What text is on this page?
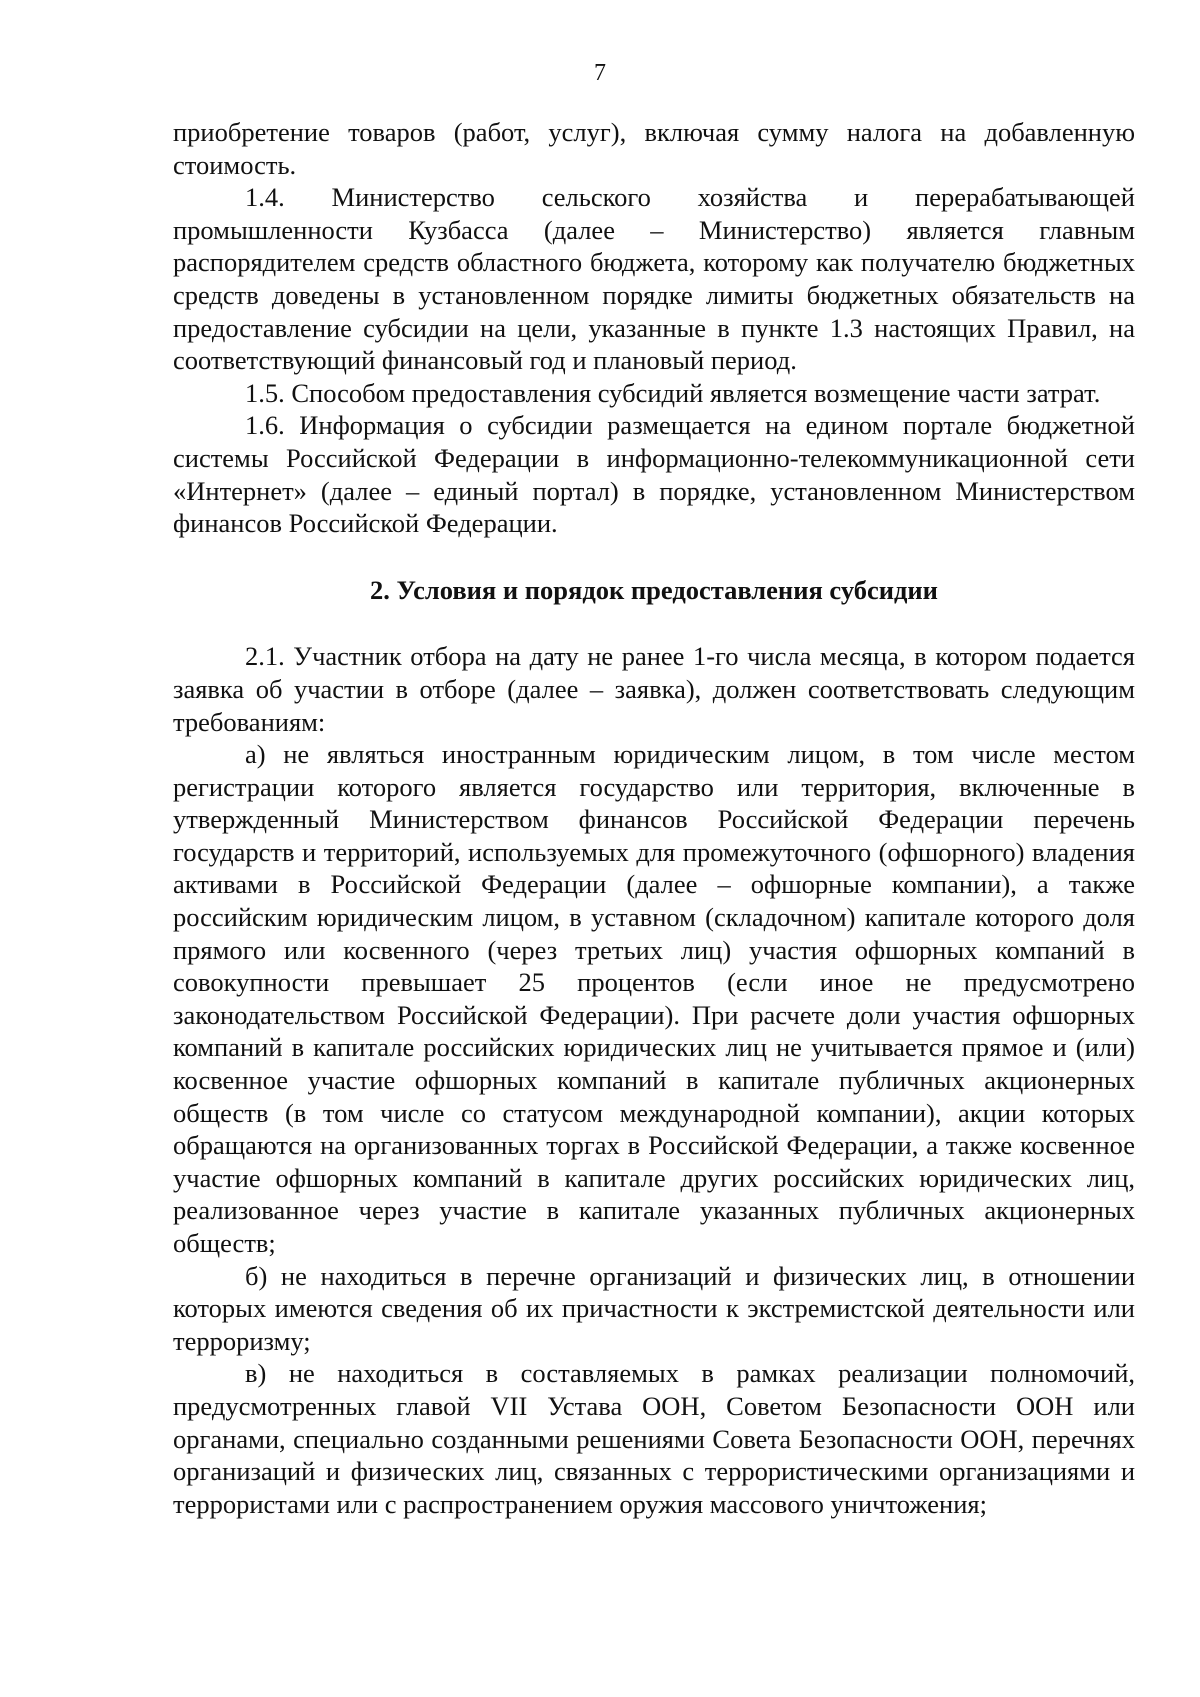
7

приобретение товаров (работ, услуг), включая сумму налога на добавленную стоимость.

1.4. Министерство сельского хозяйства и перерабатывающей промышленности Кузбасса (далее – Министерство) является главным распорядителем средств областного бюджета, которому как получателю бюджетных средств доведены в установленном порядке лимиты бюджетных обязательств на предоставление субсидии на цели, указанные в пункте 1.3 настоящих Правил, на соответствующий финансовый год и плановый период.

1.5. Способом предоставления субсидий является возмещение части затрат.

1.6. Информация о субсидии размещается на едином портале бюджетной системы Российской Федерации в информационно-телекоммуникационной сети «Интернет» (далее – единый портал) в порядке, установленном Министерством финансов Российской Федерации.

2. Условия и порядок предоставления субсидии

2.1. Участник отбора на дату не ранее 1-го числа месяца, в котором подается заявка об участии в отборе (далее – заявка), должен соответствовать следующим требованиям:

а) не являться иностранным юридическим лицом, в том числе местом регистрации которого является государство или территория, включенные в утвержденный Министерством финансов Российской Федерации перечень государств и территорий, используемых для промежуточного (офшорного) владения активами в Российской Федерации (далее – офшорные компании), а также российским юридическим лицом, в уставном (складочном) капитале которого доля прямого или косвенного (через третьих лиц) участия офшорных компаний в совокупности превышает 25 процентов (если иное не предусмотрено законодательством Российской Федерации). При расчете доли участия офшорных компаний в капитале российских юридических лиц не учитывается прямое и (или) косвенное участие офшорных компаний в капитале публичных акционерных обществ (в том числе со статусом международной компании), акции которых обращаются на организованных торгах в Российской Федерации, а также косвенное участие офшорных компаний в капитале других российских юридических лиц, реализованное через участие в капитале указанных публичных акционерных обществ;

б) не находиться в перечне организаций и физических лиц, в отношении которых имеются сведения об их причастности к экстремистской деятельности или терроризму;

в) не находиться в составляемых в рамках реализации полномочий, предусмотренных главой VII Устава ООН, Советом Безопасности ООН или органами, специально созданными решениями Совета Безопасности ООН, перечнях организаций и физических лиц, связанных с террористическими организациями и террористами или с распространением оружия массового уничтожения;
